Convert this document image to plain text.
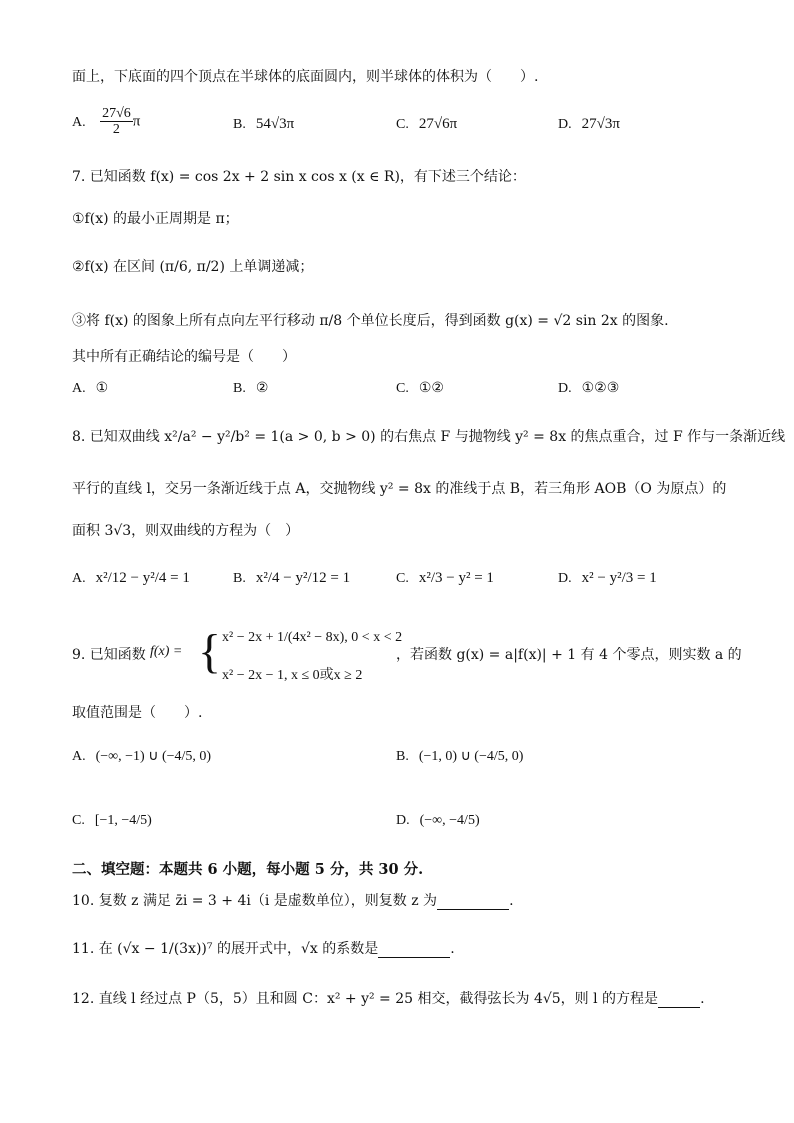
面上，下底面的四个顶点在半球体的底面圆内，则半球体的体积为（　　）.
A. $\frac{27√6}{2}$ π	B. 54√3π	C. 27√6π	D. 27√3π
7. 已知函数 f(x) = cos 2x + 2 sin x cos x (x ∈ R)，有下述三个结论：
①f(x) 的最小正周期是 π；
②f(x) 在区间 (π/6, π/2) 上单调递减；
③将 f(x) 的图象上所有点向左平行移动 π/8 个单位长度后，得到函数 g(x) = √2 sin 2x 的图象.
其中所有正确结论的编号是（　　）
A. ①	B. ②	C. ①②	D. ①②③
8. 已知双曲线 x²/a² − y²/b² = 1(a > 0, b > 0) 的右焦点 F 与抛物线 y² = 8x 的焦点重合，过 F 作与一条渐近线
平行的直线 l，交另一条渐近线于点 A，交抛物线 y² = 8x 的准线于点 B，若三角形 AOB（O 为原点）的
面积 3√3，则双曲线的方程为（　）
A. x²/12 − y²/4 = 1	B. x²/4 − y²/12 = 1	C. x²/3 − y² = 1	D. x² − y²/3 = 1
9. 已知函数 f(x) = { x² − 2x + 1/(4x² − 8x), 0 < x < 2
x² − 2x − 1, x ≤ 0或x ≥ 2
，若函数 g(x) = a|f(x)| + 1 有 4 个零点，则实数 a 的
取值范围是（　　）.
A. (−∞, −1) ∪ (−4/5, 0)	B. (−1, 0) ∪ (−4/5, 0)
C. [−1, −4/5)	D. (−∞, −4/5)
二、填空题：本题共 6 小题，每小题 5 分，共 30 分.
10. 复数 z 满足 z̄i = 3 + 4i（i 是虚数单位），则复数 z 为	.
11. 在 (√x − 1/(3x))⁷ 的展开式中，√x 的系数是	.
12. 直线 l 经过点 P（5，5）且和圆 C：x² + y² = 25 相交，截得弦长为 4√5，则 l 的方程是	.
